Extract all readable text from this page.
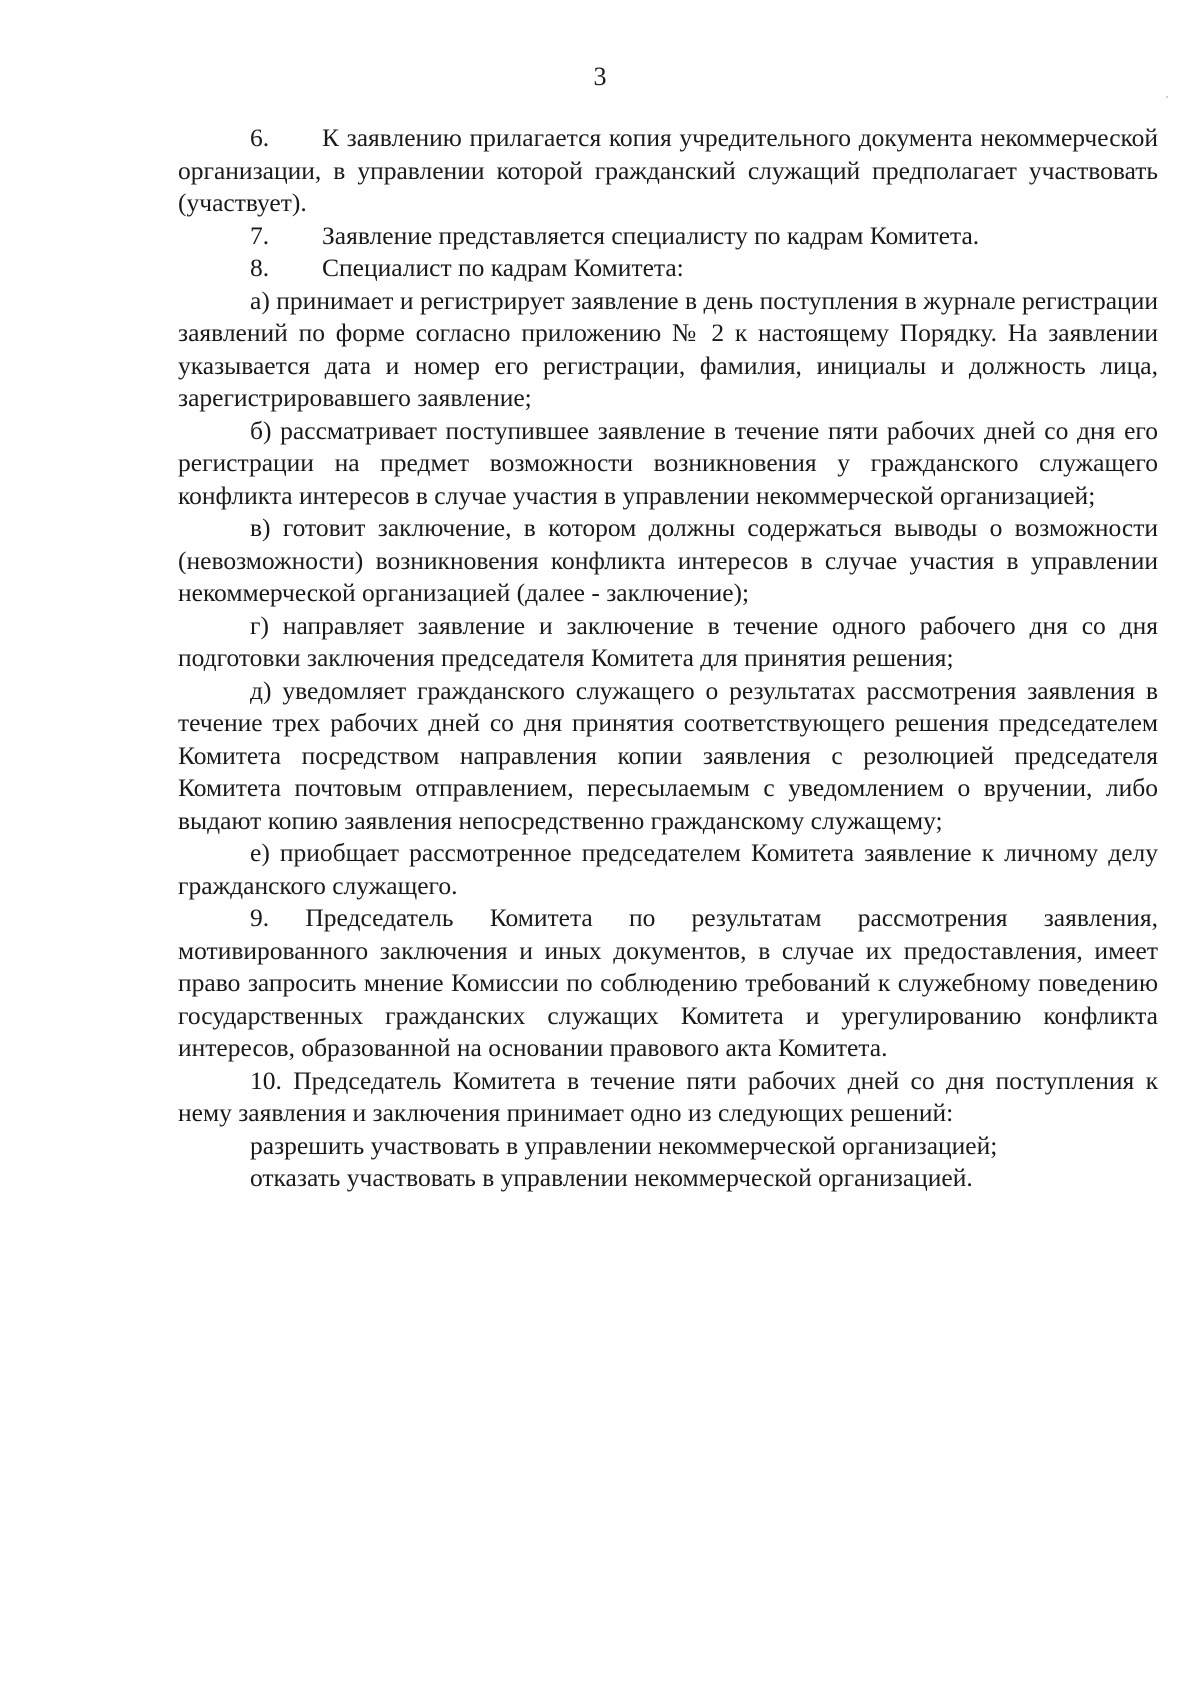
3

6. К заявлению прилагается копия учредительного документа некоммерческой организации, в управлении которой гражданский служащий предполагает участвовать (участвует).

7.	Заявление представляется специалисту по кадрам Комитета.

8.	Специалист по кадрам Комитета:

а) принимает и регистрирует заявление в день поступления в журнале регистрации заявлений по форме согласно приложению № 2 к настоящему Порядку. На заявлении указывается дата и номер его регистрации, фамилия, инициалы и должность лица, зарегистрировавшего заявление;

б) рассматривает поступившее заявление в течение пяти рабочих дней со дня его регистрации на предмет возможности возникновения у гражданского служащего конфликта интересов в случае участия в управлении некоммерческой организацией;

в) готовит заключение, в котором должны содержаться выводы о возможности (невозможности) возникновения конфликта интересов в случае участия в управлении некоммерческой организацией (далее - заключение);

г) направляет заявление и заключение в течение одного рабочего дня со дня подготовки заключения председателя Комитета для принятия решения;

д) уведомляет гражданского служащего о результатах рассмотрения заявления в течение трех рабочих дней со дня принятия соответствующего решения председателем Комитета посредством направления копии заявления с резолюцией председателя Комитета почтовым отправлением, пересылаемым с уведомлением о вручении, либо выдают копию заявления непосредственно гражданскому служащему;

е) приобщает рассмотренное председателем Комитета заявление к личному делу гражданского служащего.

9. Председатель Комитета по результатам рассмотрения заявления, мотивированного заключения и иных документов, в случае их предоставления, имеет право запросить мнение Комиссии по соблюдению требований к служебному поведению государственных гражданских служащих Комитета и урегулированию конфликта интересов, образованной на основании правового акта Комитета.

10. Председатель Комитета в течение пяти рабочих дней со дня поступления к нему заявления и заключения принимает одно из следующих решений:

разрешить участвовать в управлении некоммерческой организацией;

отказать участвовать в управлении некоммерческой организацией.
